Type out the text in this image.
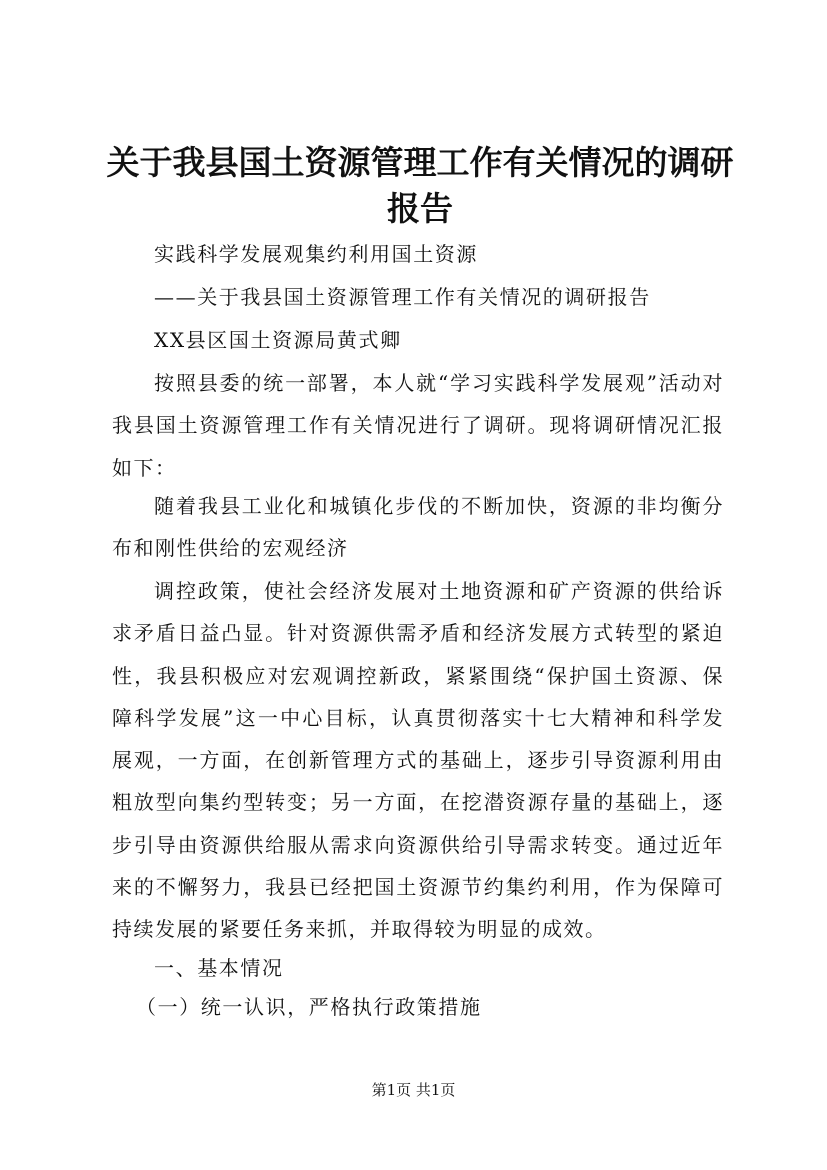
关于我县国土资源管理工作有关情况的调研报告
实践科学发展观集约利用国土资源
——关于我县国土资源管理工作有关情况的调研报告
XX县区国土资源局黄式卿
按照县委的统一部署，本人就“学习实践科学发展观”活动对我县国土资源管理工作有关情况进行了调研。现将调研情况汇报如下：
随着我县工业化和城镇化步伐的不断加快，资源的非均衡分布和刚性供给的宏观经济
调控政策，使社会经济发展对土地资源和矿产资源的供给诉求矛盾日益凸显。针对资源供需矛盾和经济发展方式转型的紧迫性，我县积极应对宏观调控新政，紧紧围绕“保护国土资源、保障科学发展”这一中心目标，认真贯彻落实十七大精神和科学发展观，一方面，在创新管理方式的基础上，逐步引导资源利用由粗放型向集约型转变；另一方面，在挖潜资源存量的基础上，逐步引导由资源供给服从需求向资源供给引导需求转变。通过近年来的不懈努力，我县已经把国土资源节约集约利用，作为保障可持续发展的紧要任务来抓，并取得较为明显的成效。
一、基本情况
（一）统一认识，严格执行政策措施
第1页 共1页
